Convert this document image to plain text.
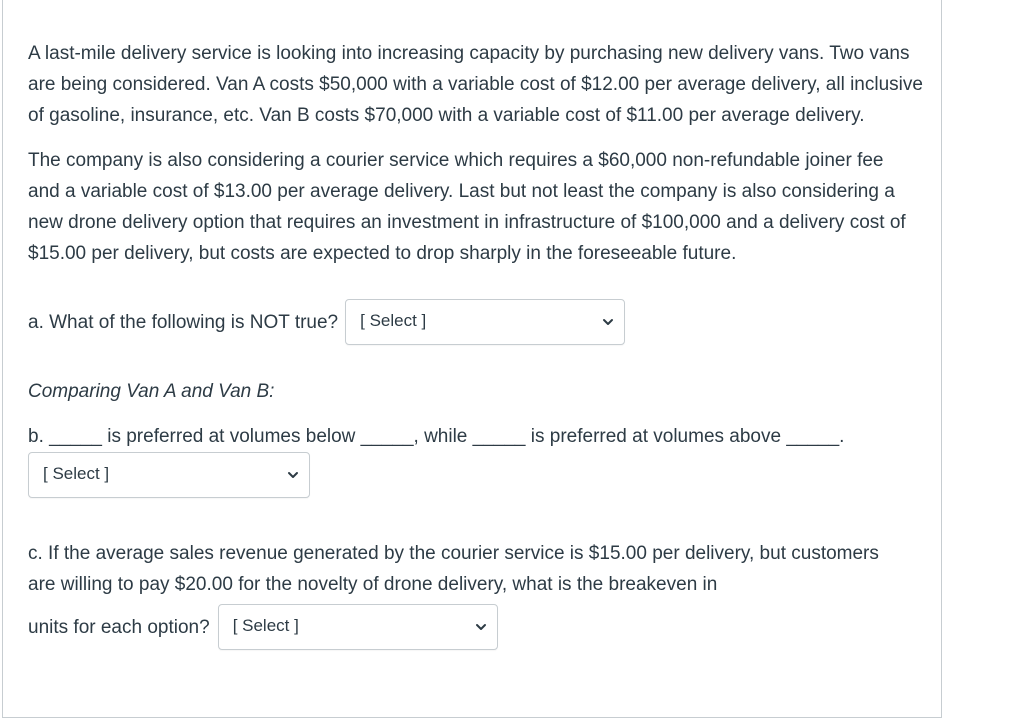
A last-mile delivery service is looking into increasing capacity by purchasing new delivery vans. Two vans are being considered. Van A costs $50,000 with a variable cost of $12.00 per average delivery, all inclusive of gasoline, insurance, etc. Van B costs $70,000 with a variable cost of $11.00 per average delivery.

The company is also considering a courier service which requires a $60,000 non-refundable joiner fee and a variable cost of $13.00 per average delivery. Last but not least the company is also considering a new drone delivery option that requires an investment in infrastructure of $100,000 and a delivery cost of $15.00 per delivery, but costs are expected to drop sharply in the foreseeable future.

a. What of the following is NOT true? [ Select ]

Comparing Van A and Van B:

b. _____ is preferred at volumes below _____, while _____ is preferred at volumes above _____.

[ Select ]

c. If the average sales revenue generated by the courier service is $15.00 per delivery, but customers are willing to pay $20.00 for the novelty of drone delivery, what is the breakeven in

units for each option? [ Select ]
